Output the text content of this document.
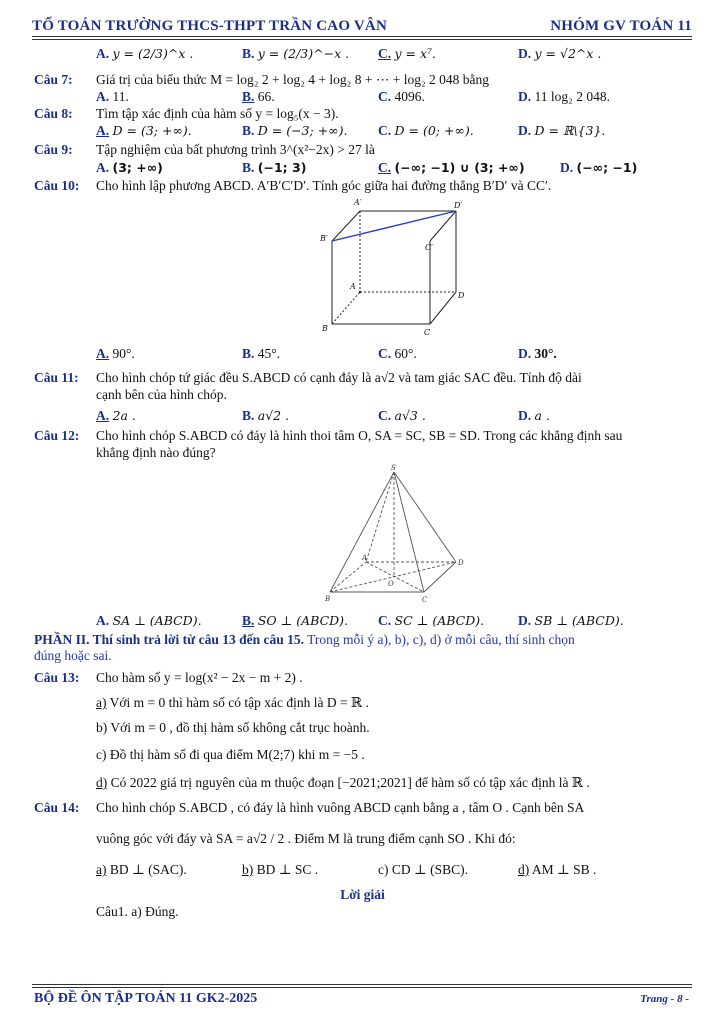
TỔ TOÁN TRƯỜNG THCS-THPT TRẦN CAO VÂN	NHÓM GV TOÁN 11
A. y = (2/3)^x .	B. y = (2/3)^−x . C. y = x⁷.	D. y = √2^x .
Câu 7: Giá trị của biểu thức M = log₂ 2 + log₂ 4 + log₂ 8 + ⋯ + log₂ 2 048 bằng
A. 11.	B. 66.	C. 4096.	D. 11 log₂ 2 048.
Câu 8: Tìm tập xác định của hàm số y = log₅(x − 3).
A. D = (3; +∞).	B. D = (−3; +∞). C. D = (0; +∞).	D. D = ℝ\{3}.
Câu 9: Tập nghiệm của bất phương trình 3^(x²−2x) > 27 là
A. (3; +∞)	B. (−1; 3)	C. (−∞; −1) ∪ (3; +∞)	D. (−∞; −1)
Câu 10: Cho hình lập phương ABCD. A′B′C′D′. Tính góc giữa hai đường thẳng B′D′ và CC′.
A′	D′
B′
C′
A
D
B	C
A. 90°.	B. 45°.	C. 60°.	D. 30°.
Câu 11: Cho hình chóp tứ giác đều S.ABCD có cạnh đáy là a√2 và tam giác SAC đều. Tính độ dài
cạnh bên của hình chóp.
A. 2a .	B. a√2 .	C. a√3 .	D. a .
Câu 12: Cho hình chóp S.ABCD có đáy là hình thoi tâm O, SA = SC, SB = SD. Trong các khẳng định sau
khẳng định nào đúng?
S
A
B	C
D
O
A. SA ⊥ (ABCD).	B. SO ⊥ (ABCD). C. SC ⊥ (ABCD).	D. SB ⊥ (ABCD).
PHẦN II. Thí sinh trả lời từ câu 13 đến câu 15. Trong mỗi ý a), b), c), d) ở mỗi câu, thí sinh chọn
đúng hoặc sai.
Câu 13: Cho hàm số y = log(x² − 2x − m + 2) .
a) Với m = 0 thì hàm số có tập xác định là D = ℝ .
b) Với m = 0 , đồ thị hàm số không cắt trục hoành.
c) Đồ thị hàm số đi qua điểm M(2;7) khi m = −5 .
d) Có 2022 giá trị nguyên của m thuộc đoạn [−2021;2021] để hàm số có tập xác định là ℝ .
Câu 14: Cho hình chóp S.ABCD , có đáy là hình vuông ABCD cạnh bằng a , tâm O . Cạnh bên SA
vuông góc với đáy và SA = a√2 / 2 . Điểm M là trung điểm cạnh SO . Khi đó:
a) BD ⊥ (SAC).	b) BD ⊥ SC .	c) CD ⊥ (SBC).	d) AM ⊥ SB .
Lời giải
Câu1. a) Đúng.
BỘ ĐỀ ÔN TẬP TOÁN 11 GK2-2025	Trang - 8 -
